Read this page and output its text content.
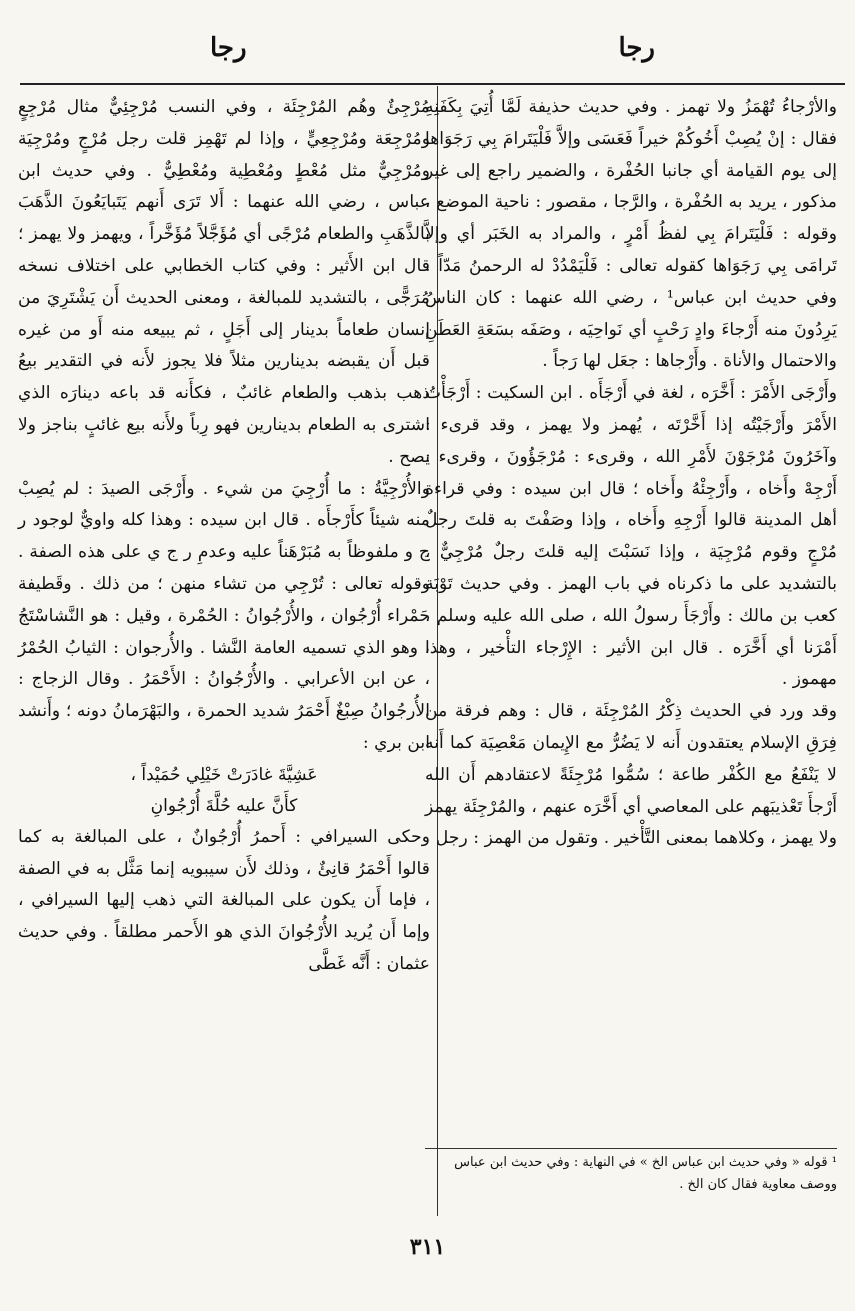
رجا
رجا

والأرْجاءُ تُهْمَزُ ولا تهمز . وفي حديث حذيفة لَمَّا أُتِيَ بِكَفَنِهِ فقال : إنْ يُصِبْ أَخُوكُمْ خيراً فَعَسَى وإلاَّ فَلْيَتَرامَ بِي رَجَوَاها إلى يوم القيامة أي جانبا الحُفْرة ، والضمير راجع إلى غير مذكور ، يريد به الحُفْرة ، والرَّجا ، مقصور : ناحية الموضع ، وقوله : فَلْيَتَرامَ بِي لفظُ أَمْرٍ ، والمراد به الخَبَر أي وإلاَّ تَرامَى بِي رَجَوَاها كقوله تعالى : فَلْيَمْدُدْ له الرحمنُ مَدّاً . وفي حديث ابن عباس¹ ، رضي الله عنهما : كان الناسُ يَرِدُونَ منه أَرْجاءَ وادٍ رَحْبٍ أي نَواحِيَه ، وصَفَه بسَعَةِ العَطَنِ والاحتمال والأناة . وأَرْجاها : جعَل لها رَجاً .

وأَرْجَى الأَمْرَ : أَخَّرَه ، لغة في أَرْجَأَه . ابن السكيت : أَرْجَأْتُ الأَمْرَ وأَرْجَيْتُه إذا أَخَّرْتَه ، يُهمز ولا يهمز ، وقد قرىء : وآخَرُونَ مُرْجَوْنَ لأَمْرِ الله ، وقرىء : مُرْجَؤُونَ ، وقرىء : أَرْجِهْ وأَخاه ، وأَرْجِئْهُ وأَخاه ؛ قال ابن سيده : وفي قراءة أهل المدينة قالوا أَرْجِهِ وأَخاه ، وإذا وصَفْتَ به قلتَ رجلٌ مُرْجٍ وقوم مُرْجِيَة ، وإذا نَسَبْتَ إليه قلتَ رجلٌ مُرْجِيٌّ ، بالتشديد على ما ذكرناه في باب الهمز . وفي حديث تَوْبَة كعب بن مالك : وأَرْجَأَ رسولُ الله ، صلى الله عليه وسلم ، أَمْرَنا أي أَخَّرَه . قال ابن الأثير : الإِرْجاء التأْخير ، وهذا مهموز .

وقد ورد في الحديث ذِكْرُ المُرْجِئَة ، قال : وهم فرقة من فِرَقِ الإسلام يعتقدون أَنه لا يَضُرُّ مع الإِيمان مَعْصِيَة كما أَنه لا يَنْفَعُ مع الكُفْر طاعة ؛ سُمُّوا مُرْجِئَةً لاعتقادهم أَن الله أَرْجأَ تَعْذيبَهم على المعاصي أي أَخَّرَه عنهم ، والمُرْجِئَة يهمز ولا يهمز ، وكلاهما بمعنى التَّأْخير . وتقول من الهمز : رجل

¹ قوله « وفي حديث ابن عباس الخ » في النهاية : وفي حديث ابن عباس ووصف معاوية فقال كان الخ .

مُرْجِئٌ وهُم المُرْجِئَة ، وفي النسب مُرْجِئِيٌّ مثال مُرْجِعٍ ومُرْجِعَة ومُرْجِعِيٍّ ، وإذا لم تَهْمِز قلت رجل مُرْجٍ ومُرْجِيَة ومُرْجِيٌّ مثل مُعْطٍ ومُعْطِية ومُعْطِيٌّ . وفي حديث ابن عباس ، رضي الله عنهما : أَلا تَرَى أَنهم يَتَبايَعُونَ الذَّهَبَ بالذَّهَبِ والطعام مُرْجًى أي مُؤَجَّلاً مُؤَخَّراً ، ويهمز ولا يهمز ؛ قال ابن الأَثير : وفي كتاب الخطابي على اختلاف نسخه مُرَجًّى ، بالتشديد للمبالغة ، ومعنى الحديث أَن يَشْتَرِيَ من إنسان طعاماً بدينار إلى أَجَلٍ ، ثم يبيعه منه أَو من غيره قبل أَن يقبضه بدينارين مثلاً فلا يجوز لأَنه في التقدير بيعُ ذهب بذهب والطعام غائبٌ ، فكأَنه قد باعه دينارَه الذي اشترى به الطعام بدينارين فهو رِباً ولأَنه بيع غائبٍ بناجز ولا يصح .

والأُرْجِيَّةُ : ما أُرْجِيَ من شيء . وأَرْجَى الصيدَ : لم يُصِبْ منه شيئاً كأَرْجأَه . قال ابن سيده : وهذا كله واويٌّ لوجود ر ج و ملفوظاً به مُبَرْهَناً عليه وعدمِ ر ج ي على هذه الصفة . وقوله تعالى : تُرْجِي من تشاء منهن ؛ من ذلك . وقَطيفة حَمْراء أُرْجُوان ، والأُرْجُوانُ : الحُمْرة ، وقيل : هو النَّشاسْتَجُ ، وهو الذي تسميه العامة النَّشا . والأُرجوان : الثيابُ الحُمْرُ ، عن ابن الأعرابي . والأُرْجُوانُ : الأَحْمَرُ . وقال الزجاج : الأُرجُوانُ صِبْغٌ أَحْمَرُ شديد الحمرة ، والبَهْرَمانُ دونه ؛ وأَنشد ابن بري :

عَشِيَّةَ غادَرَتْ خَيْلِي حُمَيْداً ،

كأَنَّ عليه حُلَّةَ أُرْجُوانِ

وحكى السيرافي : أَحمرُ أُرْجُوانٌ ، على المبالغة به كما قالوا أَحْمَرُ قانِئٌ ، وذلك لأَن سيبويه إنما مَثَّل به في الصفة ، فإما أَن يكون على المبالغة التي ذهب إليها السيرافي ، وإما أَن يُريد الأُرْجُوانَ الذي هو الأَحمر مطلقاً . وفي حديث عثمان : أَنَّه غَطَّى

٣١١
